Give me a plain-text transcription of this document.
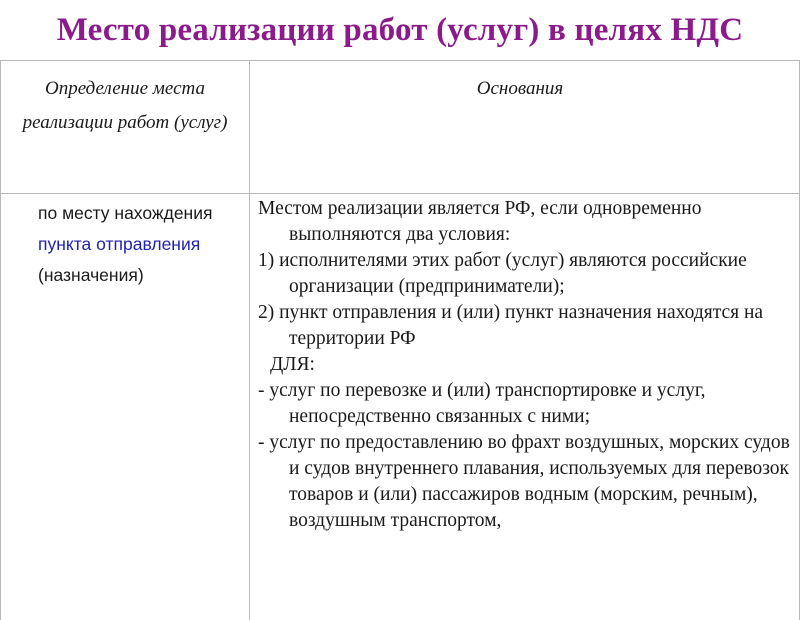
Место реализации работ (услуг) в целях НДС
Определение места реализации работ (услуг)
Основания
по месту нахождения пункта отправления (назначения)

Местом реализации является РФ, если одновременно выполняются два условия:

1) исполнителями этих работ (услуг) являются российские организации (предприниматели);

2) пункт отправления и (или) пункт назначения находятся на территории РФ

ДЛЯ:

- услуг по перевозке и (или) транспортировке и услуг, непосредственно связанных с ними;

- услуг по предоставлению во фрахт воздушных, морских судов и судов внутреннего плавания, используемых для перевозок товаров и (или) пассажиров водным (морским, речным), воздушным транспортом,
